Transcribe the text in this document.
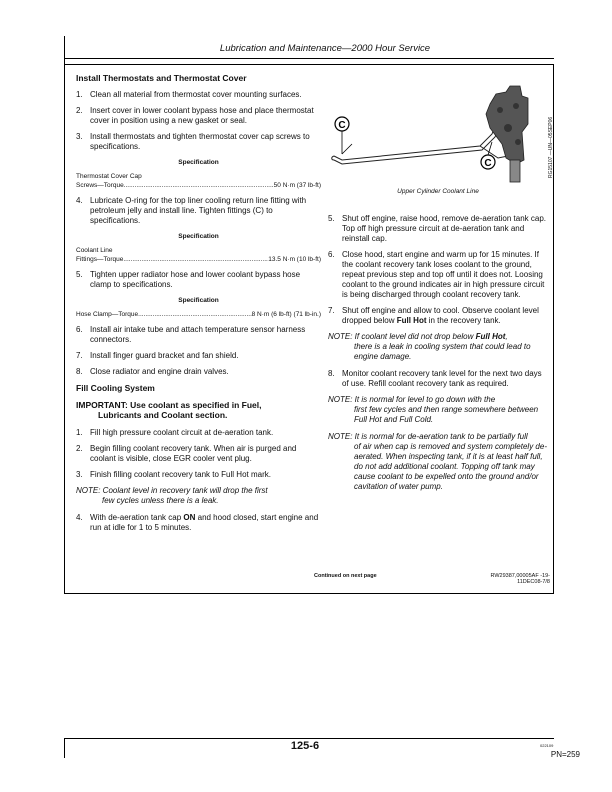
Lubrication and Maintenance—2000 Hour Service
Install Thermostats and Thermostat Cover
1. Clean all material from thermostat cover mounting surfaces.
2. Insert cover in lower coolant bypass hose and place thermostat cover in position using a new gasket or seal.
3. Install thermostats and tighten thermostat cover cap screws to specifications.
Specification
Thermostat Cover Cap
Screws—Torque .....	50 N·m (37 lb-ft)
4. Lubricate O-ring for the top liner cooling return line fitting with petroleum jelly and install line. Tighten fittings (C) to specifications.
Specification
Coolant Line
Fittings—Torque .....	13.5 N·m (10 lb-ft)
5. Tighten upper radiator hose and lower coolant bypass hose clamp to specifications.
Specification
Hose Clamp—Torque .....	8 N·m (6 lb-ft) (71 lb-in.)
6. Install air intake tube and attach temperature sensor harness connectors.
7. Install finger guard bracket and fan shield.
8. Close radiator and engine drain valves.
Fill Cooling System
IMPORTANT: Use coolant as specified in Fuel,
Lubricants and Coolant section.
1. Fill high pressure coolant circuit at de-aeration tank.
2. Begin filling coolant recovery tank. When air is purged and coolant is visible, close EGR cooler vent plug.
3. Finish filling coolant recovery tank to Full Hot mark.
NOTE: Coolant level in recovery tank will drop the first
few cycles unless there is a leak.
4. With de-aeration tank cap ON and hood closed, start engine and run at idle for 1 to 5 minutes.
C
C	RG15107 —UN—05SEP06
Upper Cylinder Coolant Line
5. Shut off engine, raise hood, remove de-aeration tank cap. Top off high pressure circuit at de-aeration tank and reinstall cap.
6. Close hood, start engine and warm up for 15 minutes. If the coolant recovery tank loses coolant to the ground, repeat previous step and top off until it does not. Loosing coolant to the ground indicates air in high pressure circuit is being discharged through coolant recovery tank.
7. Shut off engine and allow to cool. Observe coolant level dropped below Full Hot in the recovery tank.
NOTE: If coolant level did not drop below Full Hot,
there is a leak in cooling system that could lead to engine damage.
8. Monitor coolant recovery tank level for the next two days of use. Refill coolant recovery tank as required.
NOTE: It is normal for level to go down with the
first few cycles and then range somewhere between Full Hot and Full Cold.
NOTE: It is normal for de-aeration tank to be partially full
of air when cap is removed and system completely de-aerated. When inspecting tank, if it is at least half full, do not add additional coolant. Topping off tank may cause coolant to be expelled onto the ground and/or cavitation of water pump.
Continued on next page	RW29387,00005AF -19-11DEC08-7/8
125-6	022109
PN=259
